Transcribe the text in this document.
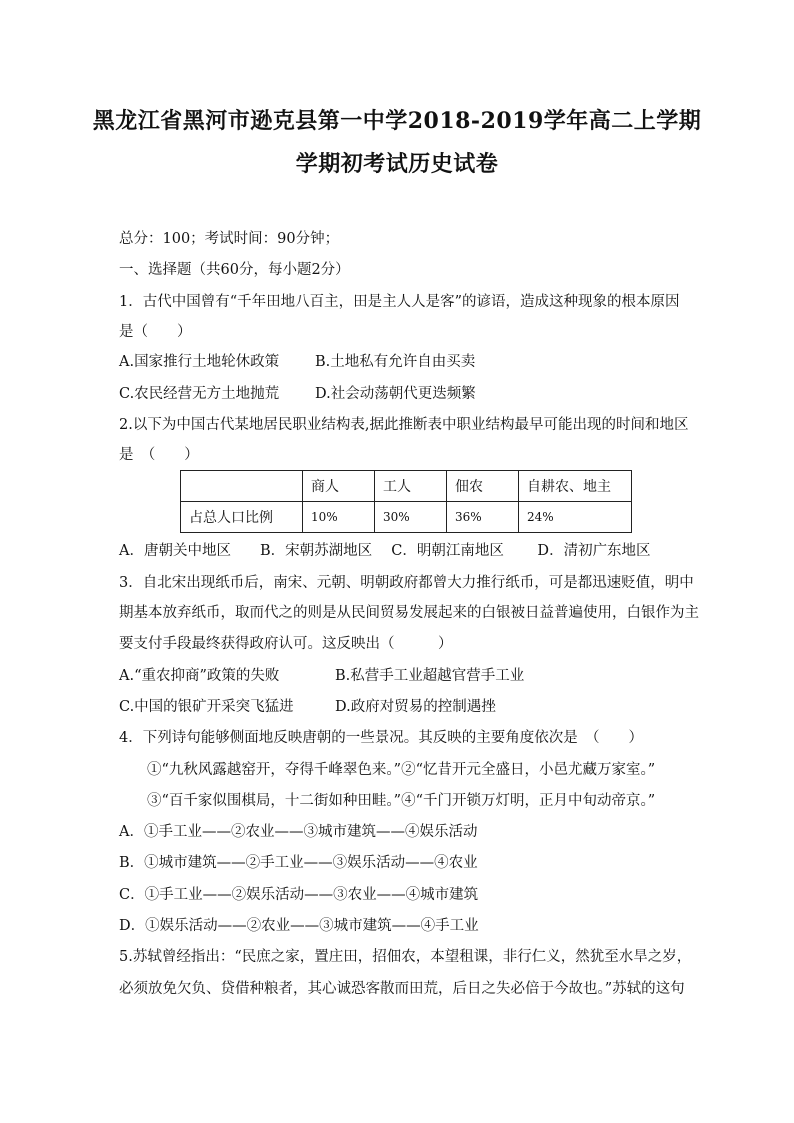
黑龙江省黑河市逊克县第一中学2018-2019学年高二上学期
学期初考试历史试卷
总分：100；考试时间：90分钟；
一、选择题（共60分，每小题2分）
1．古代中国曾有“千年田地八百主，田是主人人是客”的谚语，造成这种现象的根本原因
是（　　）
A.国家推行土地轮休政策 B.土地私有允许自由买卖
C.农民经营无方土地抛荒 D.社会动荡朝代更迭频繁
2.以下为中国古代某地居民职业结构表,据此推断表中职业结构最早可能出现的时间和地区
是　（　　）
	商人	工人	佃农	自耕农、地主
占总人口比例	10%	30%	36%	24%
A．唐朝关中地区　　B．宋朝苏湖地区　 C．明朝江南地区　　 D．清初广东地区
3．自北宋出现纸币后，南宋、元朝、明朝政府都曾大力推行纸币，可是都迅速贬值，明中
期基本放弃纸币，取而代之的则是从民间贸易发展起来的白银被日益普遍使用，白银作为主
要支付手段最终获得政府认可。这反映出（　　　）
A.“重农抑商”政策的失败	B.私营手工业超越官营手工业
C.中国的银矿开采突飞猛进	D.政府对贸易的控制遇挫
4．下列诗句能够侧面地反映唐朝的一些景况。其反映的主要角度依次是　（　　）
①“九秋风露越窑开，夺得千峰翠色来。”②“忆昔开元全盛日，小邑尤藏万家室。”
③“百千家似围棋局，十二街如种田畦。”④“千门开锁万灯明，正月中旬动帝京。”
A．①手工业——②农业——③城市建筑——④娱乐活动
B．①城市建筑——②手工业——③娱乐活动——④农业
C．①手工业——②娱乐活动——③农业——④城市建筑
D．①娱乐活动——②农业——③城市建筑——④手工业
5.苏轼曾经指出：“民庶之家，置庄田，招佃农，本望租课，非行仁义，然犹至水旱之岁，
必须放免欠负、贷借种粮者，其心诚恐客散而田荒，后日之失必倍于今故也。”苏轼的这句
